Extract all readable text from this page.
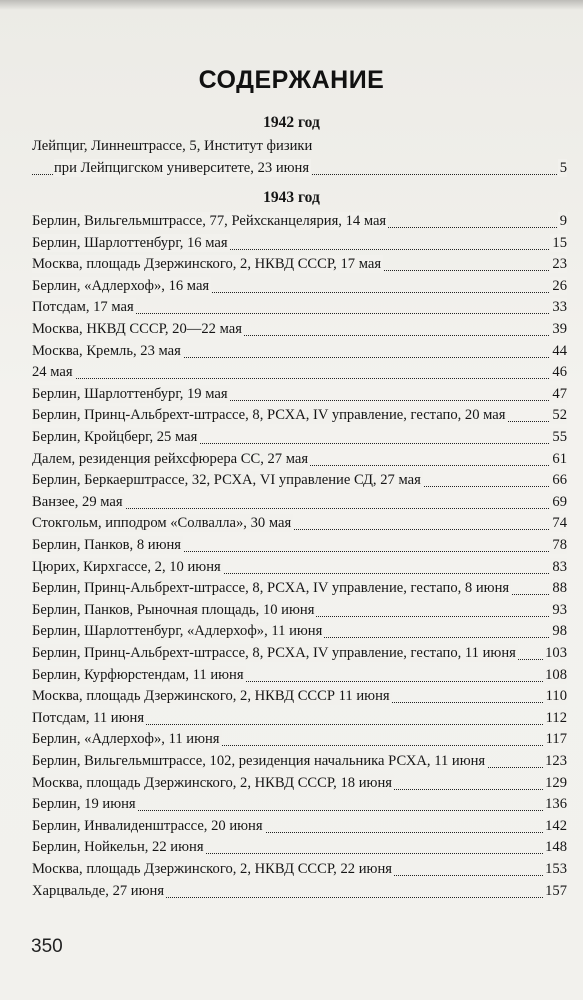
СОДЕРЖАНИЕ
1942 год
Лейпциг, Линнештрассе, 5, Институт физики
при Лейпцигском университете, 23 июня	5
1943 год
Берлин, Вильгельмштрассе, 77, Рейхсканцелярия, 14 мая	9
Берлин, Шарлоттенбург, 16 мая	15
Москва, площадь Дзержинского, 2, НКВД СССР, 17 мая	23
Берлин, «Адлерхоф», 16 мая	26
Потсдам, 17 мая	33
Москва, НКВД СССР, 20—22 мая	39
Москва, Кремль, 23 мая	44
24 мая	46
Берлин, Шарлоттенбург, 19 мая	47
Берлин, Принц-Альбрехт-штрассе, 8, РСХА, IV управление, гестапо, 20 мая	52
Берлин, Кройцберг, 25 мая	55
Далем, резиденция рейхсфюрера СС, 27 мая	61
Берлин, Беркаерштрассе, 32, РСХА, VI управление СД, 27 мая	66
Ванзее, 29 мая	69
Стокгольм, ипподром «Солвалла», 30 мая	74
Берлин, Панков, 8 июня	78
Цюрих, Кирхгассе, 2, 10 июня	83
Берлин, Принц-Альбрехт-штрассе, 8, РСХА, IV управление, гестапо, 8 июня	88
Берлин, Панков, Рыночная площадь, 10 июня	93
Берлин, Шарлоттенбург, «Адлерхоф», 11 июня	98
Берлин, Принц-Альбрехт-штрассе, 8, РСХА, IV управление, гестапо, 11 июня 103
Берлин, Курфюрстендам, 11 июня	108
Москва, площадь Дзержинского, 2, НКВД СССР 11 июня	110
Потсдам, 11 июня	112
Берлин, «Адлерхоф», 11 июня	117
Берлин, Вильгельмштрассе, 102, резиденция начальника РСХА, 11 июня	123
Москва, площадь Дзержинского, 2, НКВД СССР, 18 июня	129
Берлин, 19 июня	136
Берлин, Инвалиденштрассе, 20 июня	142
Берлин, Нойкельн, 22 июня	148
Москва, площадь Дзержинского, 2, НКВД СССР, 22 июня	153
Харцвальде, 27 июня	157
350
